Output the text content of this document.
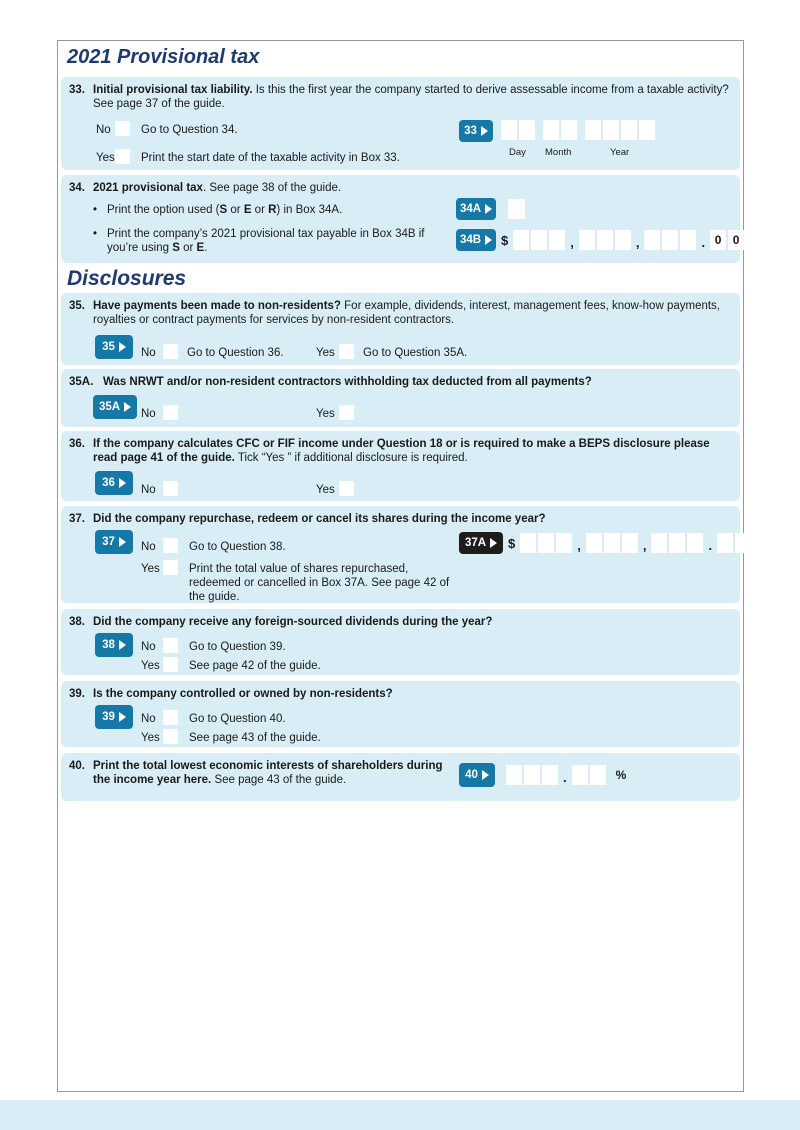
2021 Provisional tax
33. Initial provisional tax liability. Is this the first year the company started to derive assessable income from a taxable activity? See page 37 of the guide.
No	Go to Question 34.
Yes Print the start date of the taxable activity in Box 33.
33
Day Month	Year
34. 2021 provisional tax. See page 38 of the guide.
• Print the option used (S or E or R) in Box 34A.	34A
• Print the company’s 2021 provisional tax payable in Box 34B if you’re using S or E.
34B $	,	,	. 0 0
Disclosures
35. Have payments been made to non-residents? For example, dividends, interest, management fees, know-how payments, royalties or contract payments for services by non-resident contractors.
35 No	Go to Question 36.	Yes Go to Question 35A.
35A. Was NRWT and/or non-resident contractors withholding tax deducted from all payments?
35A
No	Yes
36. If the company calculates CFC or FIF income under Question 18 or is required to make a BEPS disclosure please read page 41 of the guide. Tick “Yes ” if additional disclosure is required.
36
No	Yes
37. Did the company repurchase, redeem or cancel its shares during the income year?
37 No	Go to Question 38.
Yes	Print the total value of shares repurchased, redeemed or cancelled in Box 37A. See page 42 of the guide.
37A $	,	,	.
38. Did the company receive any foreign-sourced dividends during the year?
38 No	Go to Question 39.
Yes	See page 42 of the guide.
39. Is the company controlled or owned by non-residents?
39 No	Go to Question 40.
Yes	See page 43 of the guide.
40. Print the total lowest economic interests of shareholders during the income year here. See page 43 of the guide.	40	.	%
